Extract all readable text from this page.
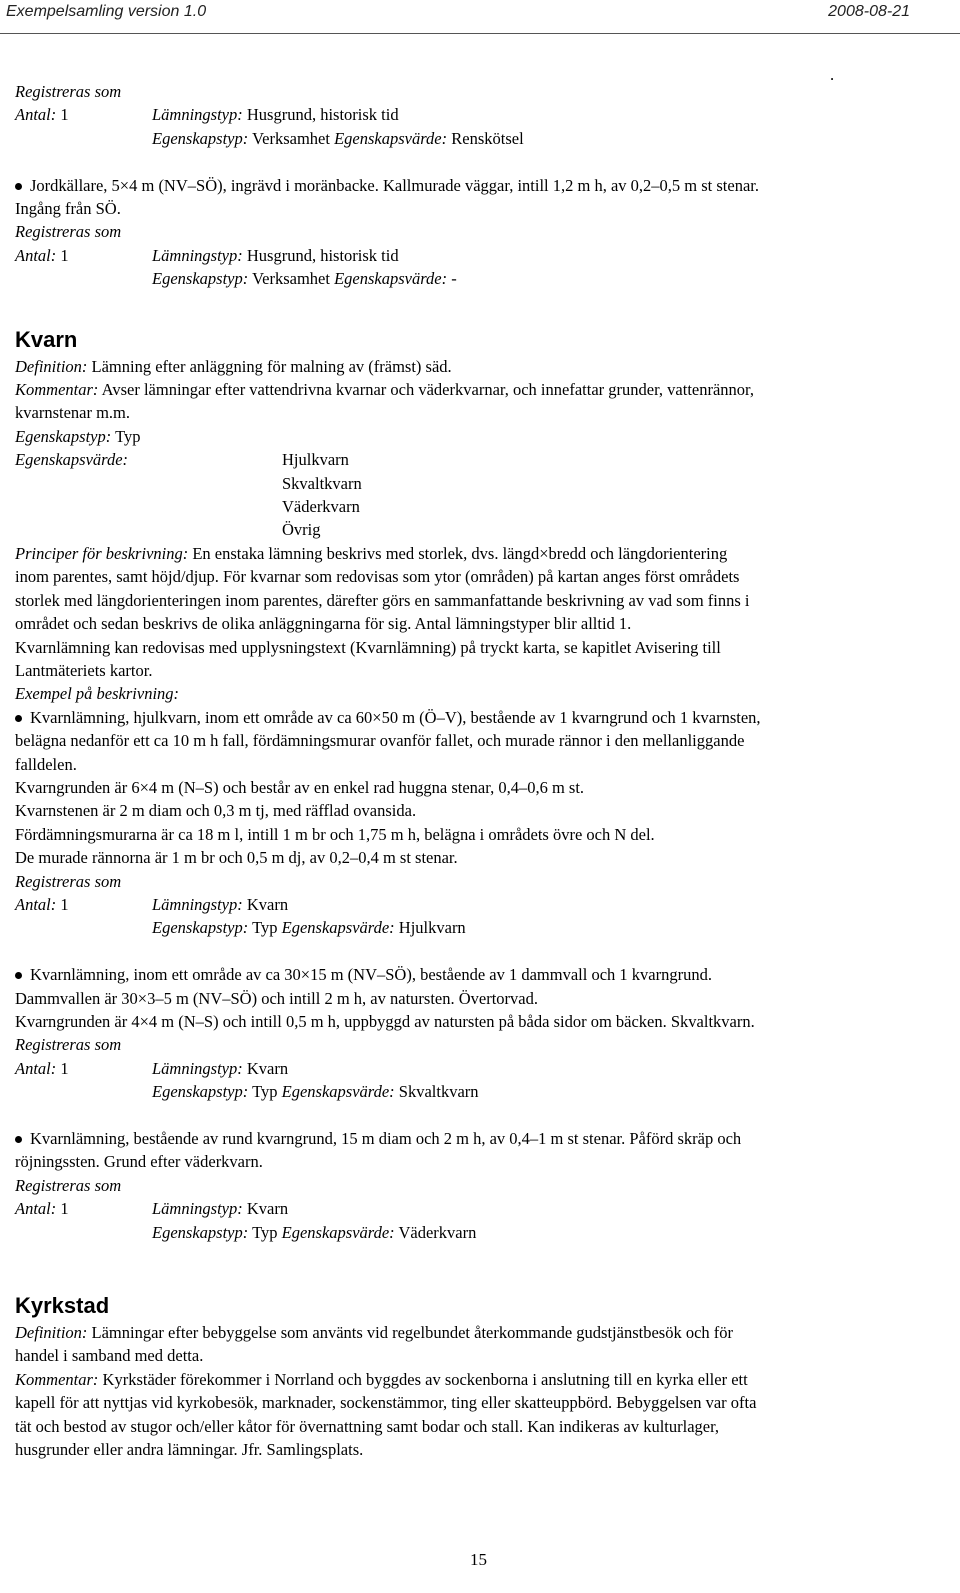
Exempelsamling version 1.0	2008-08-21
.
Registreras som
Antal: 1	Lämningstyp: Husgrund, historisk tid
Egenskapstyp: Verksamhet Egenskapsvärde: Renskötsel
Jordkällare, 5×4 m (NV–SÖ), ingrävd i moränbacke. Kallmurade väggar, intill 1,2 m h, av 0,2–0,5 m st stenar.
Ingång från SÖ.
Registreras som
Antal: 1	Lämningstyp: Husgrund, historisk tid
Egenskapstyp: Verksamhet Egenskapsvärde: -
Kvarn
Definition: Lämning efter anläggning för malning av (främst) säd.
Kommentar: Avser lämningar efter vattendrivna kvarnar och väderkvarnar, och innefattar grunder, vattenrännor,
kvarnstenar m.m.
Egenskapstyp: Typ
Egenskapsvärde:	Hjulkvarn
Skvaltkvarn
Väderkvarn
Övrig
Principer för beskrivning: En enstaka lämning beskrivs med storlek, dvs. längd×bredd och längdorientering
inom parentes, samt höjd/djup. För kvarnar som redovisas som ytor (områden) på kartan anges först områdets
storlek med längdorienteringen inom parentes, därefter görs en sammanfattande beskrivning av vad som finns i
området och sedan beskrivs de olika anläggningarna för sig. Antal lämningstyper blir alltid 1.
Kvarnlämning kan redovisas med upplysningstext (Kvarnlämning) på tryckt karta, se kapitlet Avisering till
Lantmäteriets kartor.
Exempel på beskrivning:
Kvarnlämning, hjulkvarn, inom ett område av ca 60×50 m (Ö–V), bestående av 1 kvarngrund och 1 kvarnsten,
belägna nedanför ett ca 10 m h fall, fördämningsmurar ovanför fallet, och murade rännor i den mellanliggande
falldelen.
Kvarngrunden är 6×4 m (N–S) och består av en enkel rad huggna stenar, 0,4–0,6 m st.
Kvarnstenen är 2 m diam och 0,3 m tj, med räfflad ovansida.
Fördämningsmurarna är ca 18 m l, intill 1 m br och 1,75 m h, belägna i områdets övre och N del.
De murade rännorna är 1 m br och 0,5 m dj, av 0,2–0,4 m st stenar.
Registreras som
Antal: 1	Lämningstyp: Kvarn
Egenskapstyp: Typ Egenskapsvärde: Hjulkvarn
Kvarnlämning, inom ett område av ca 30×15 m (NV–SÖ), bestående av 1 dammvall och 1 kvarngrund.
Dammvallen är 30×3–5 m (NV–SÖ) och intill 2 m h, av natursten. Övertorvad.
Kvarngrunden är 4×4 m (N–S) och intill 0,5 m h, uppbyggd av natursten på båda sidor om bäcken. Skvaltkvarn.
Registreras som
Antal: 1	Lämningstyp: Kvarn
Egenskapstyp: Typ Egenskapsvärde: Skvaltkvarn
Kvarnlämning, bestående av rund kvarngrund, 15 m diam och 2 m h, av 0,4–1 m st stenar. Påförd skräp och
röjningssten. Grund efter väderkvarn.
Registreras som
Antal: 1	Lämningstyp: Kvarn
Egenskapstyp: Typ Egenskapsvärde: Väderkvarn
Kyrkstad
Definition: Lämningar efter bebyggelse som använts vid regelbundet återkommande gudstjänstbesök och för
handel i samband med detta.
Kommentar: Kyrkstäder förekommer i Norrland och byggdes av sockenborna i anslutning till en kyrka eller ett
kapell för att nyttjas vid kyrkobesök, marknader, sockenstämmor, ting eller skatteuppbörd. Bebyggelsen var ofta
tät och bestod av stugor och/eller kåtor för övernattning samt bodar och stall. Kan indikeras av kulturlager,
husgrunder eller andra lämningar. Jfr. Samlingsplats.
15
